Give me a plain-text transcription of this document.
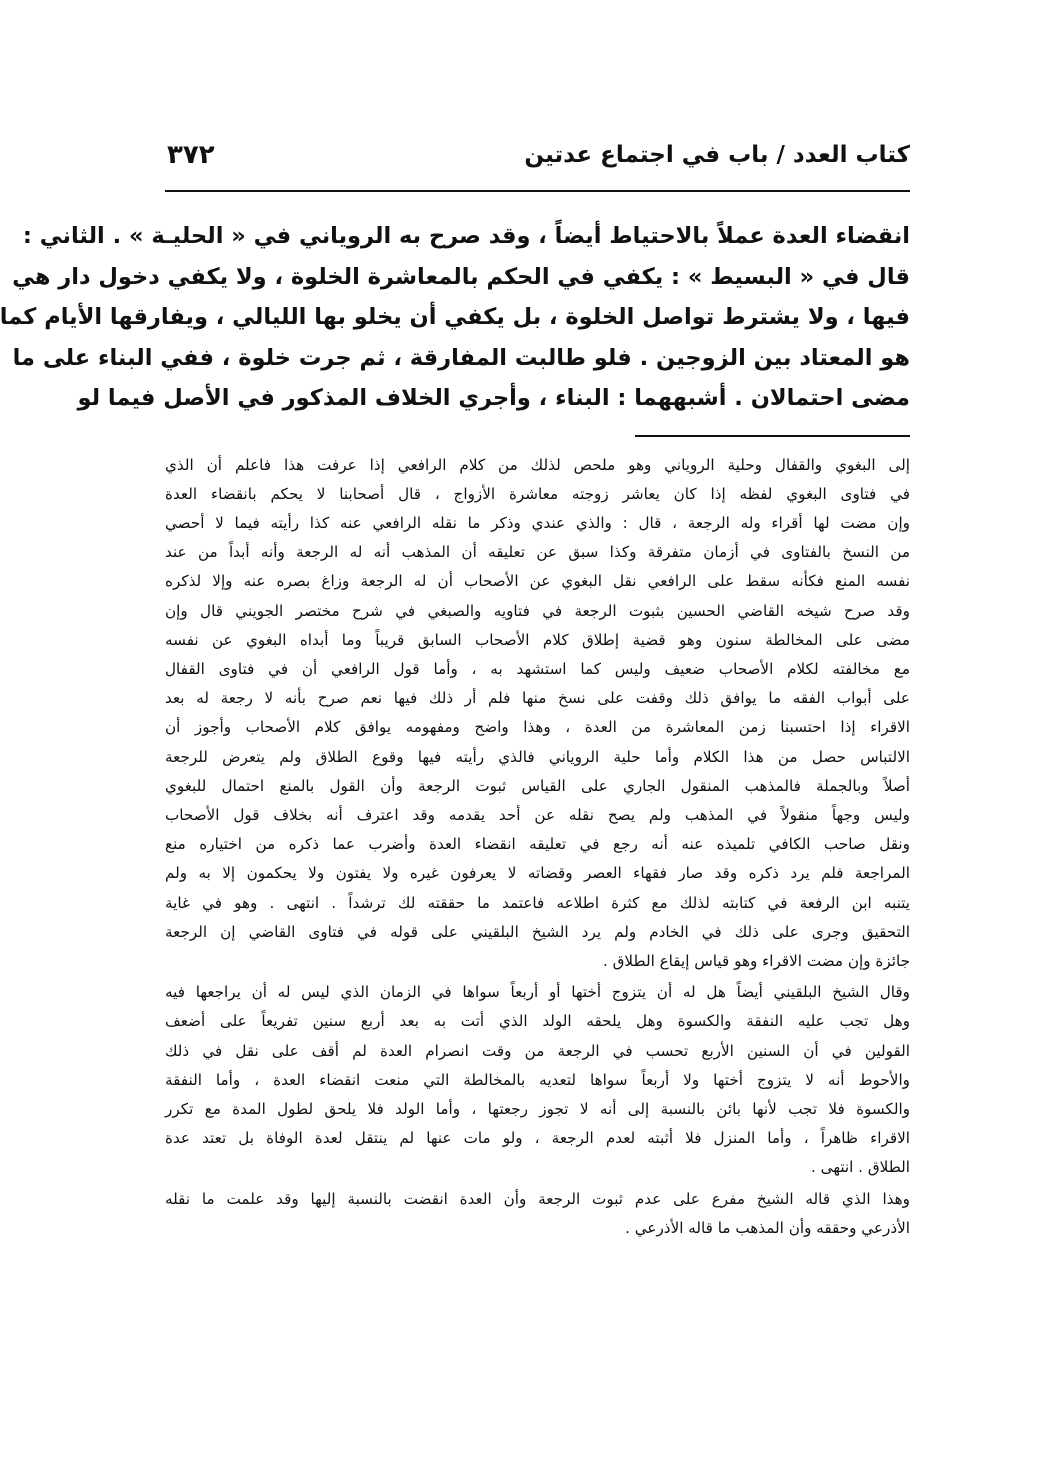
كتاب العدد / باب في اجتماع عدتين
٣٧٢
انقضاء العدة عملاً بالاحتياط أيضاً ، وقد صرح به الروياني في « الحليـة » . الثاني :
قال في « البسيط » : يكفي في الحكم بالمعاشرة الخلوة ، ولا يكفي دخول دار هي
فيها ، ولا يشترط تواصل الخلوة ، بل يكفي أن يخلو بها الليالي ، ويفارقها الأيام كما
هو المعتاد بين الزوجين . فلو طالبت المفارقة ، ثم جرت خلوة ، ففي البناء على ما
مضى احتمالان . أشبههما : البناء ، وأجري الخلاف المذكور في الأصل فيما لو

إلى البغوي والقفال وحلية الروياني وهو ملحص لذلك من كلام الرافعي إذا عرفت هذا فاعلم أن الذي
في فتاوى البغوي لفظه إذا كان يعاشر زوجته معاشرة الأزواج ، قال أصحابنا لا يحكم بانقضاء العدة
وإن مضت لها أقراء وله الرجعة ، قال : والذي عندي وذكر ما نقله الرافعي عنه كذا رأيته فيما لا أحصي
من النسخ بالفتاوى في أزمان متفرقة وكذا سبق عن تعليقه أن المذهب أنه له الرجعة وأنه أبداً من عند
نفسه المنع فكأنه سقط على الرافعي نقل البغوي عن الأصحاب أن له الرجعة وزاغ بصره عنه وإلا لذكره
وقد صرح شيخه القاضي الحسين بثبوت الرجعة في فتاويه والصبغي في شرح مختصر الجويني قال وإن
مضى على المخالطة سنون وهو قضية إطلاق كلام الأصحاب السابق قريباً وما أبداه البغوي عن نفسه
مع مخالفته لكلام الأصحاب ضعيف وليس كما استشهد به ، وأما قول الرافعي أن في فتاوى القفال
على أبواب الفقه ما يوافق ذلك وقفت على نسخ منها فلم أر ذلك فيها نعم صرح بأنه لا رجعة له بعد
الاقراء إذا احتسبنا زمن المعاشرة من العدة ، وهذا واضح ومفهومه يوافق كلام الأصحاب وأجوز أن
الالتباس حصل من هذا الكلام وأما حلية الروياني فالذي رأيته فيها وقوع الطلاق ولم يتعرض للرجعة
أصلاً وبالجملة فالمذهب المنقول الجاري على القياس ثبوت الرجعة وأن القول بالمنع احتمال للبغوي
وليس وجهاً منقولاً في المذهب ولم يصح نقله عن أحد يقدمه وقد اعترف أنه بخلاف قول الأصحاب
ونقل صاحب الكافي تلميذه عنه أنه رجع في تعليقه انقضاء العدة وأضرب عما ذكره من اختياره منع
المراجعة فلم يرد ذكره وقد صار فقهاء العصر وقضاته لا يعرفون غيره ولا يفتون ولا يحكمون إلا به ولم
يتنبه ابن الرفعة في كتابته لذلك مع كثرة اطلاعه فاعتمد ما حققته لك ترشداً . انتهى . وهو في غاية
التحقيق وجرى على ذلك في الخادم ولم يرد الشيخ البلقيني على قوله في فتاوى القاضي إن الرجعة
جائزة وإن مضت الاقراء وهو قياس إيقاع الطلاق .

وقال الشيخ البلقيني أيضاً هل له أن يتزوج أختها أو أربعاً سواها في الزمان الذي ليس له أن يراجعها فيه
وهل تجب عليه النفقة والكسوة وهل يلحقه الولد الذي أتت به بعد أربع سنين تفريعاً على أضعف
القولين في أن السنين الأربع تحسب في الرجعة من وقت انصرام العدة لم أقف على نقل في ذلك
والأحوط أنه لا يتزوج أختها ولا أربعاً سواها لتعديه بالمخالطة التي منعت انقضاء العدة ، وأما النفقة
والكسوة فلا تجب لأنها بائن بالنسبة إلى أنه لا تجوز رجعتها ، وأما الولد فلا يلحق لطول المدة مع تكرر
الاقراء ظاهراً ، وأما المنزل فلا أثبته لعدم الرجعة ، ولو مات عنها لم ينتقل لعدة الوفاة بل تعتد عدة
الطلاق . انتهى .

وهذا الذي قاله الشيخ مفرع على عدم ثبوت الرجعة وأن العدة انقضت بالنسبة إليها وقد علمت ما نقله
الأذرعي وحققه وأن المذهب ما قاله الأذرعي .
